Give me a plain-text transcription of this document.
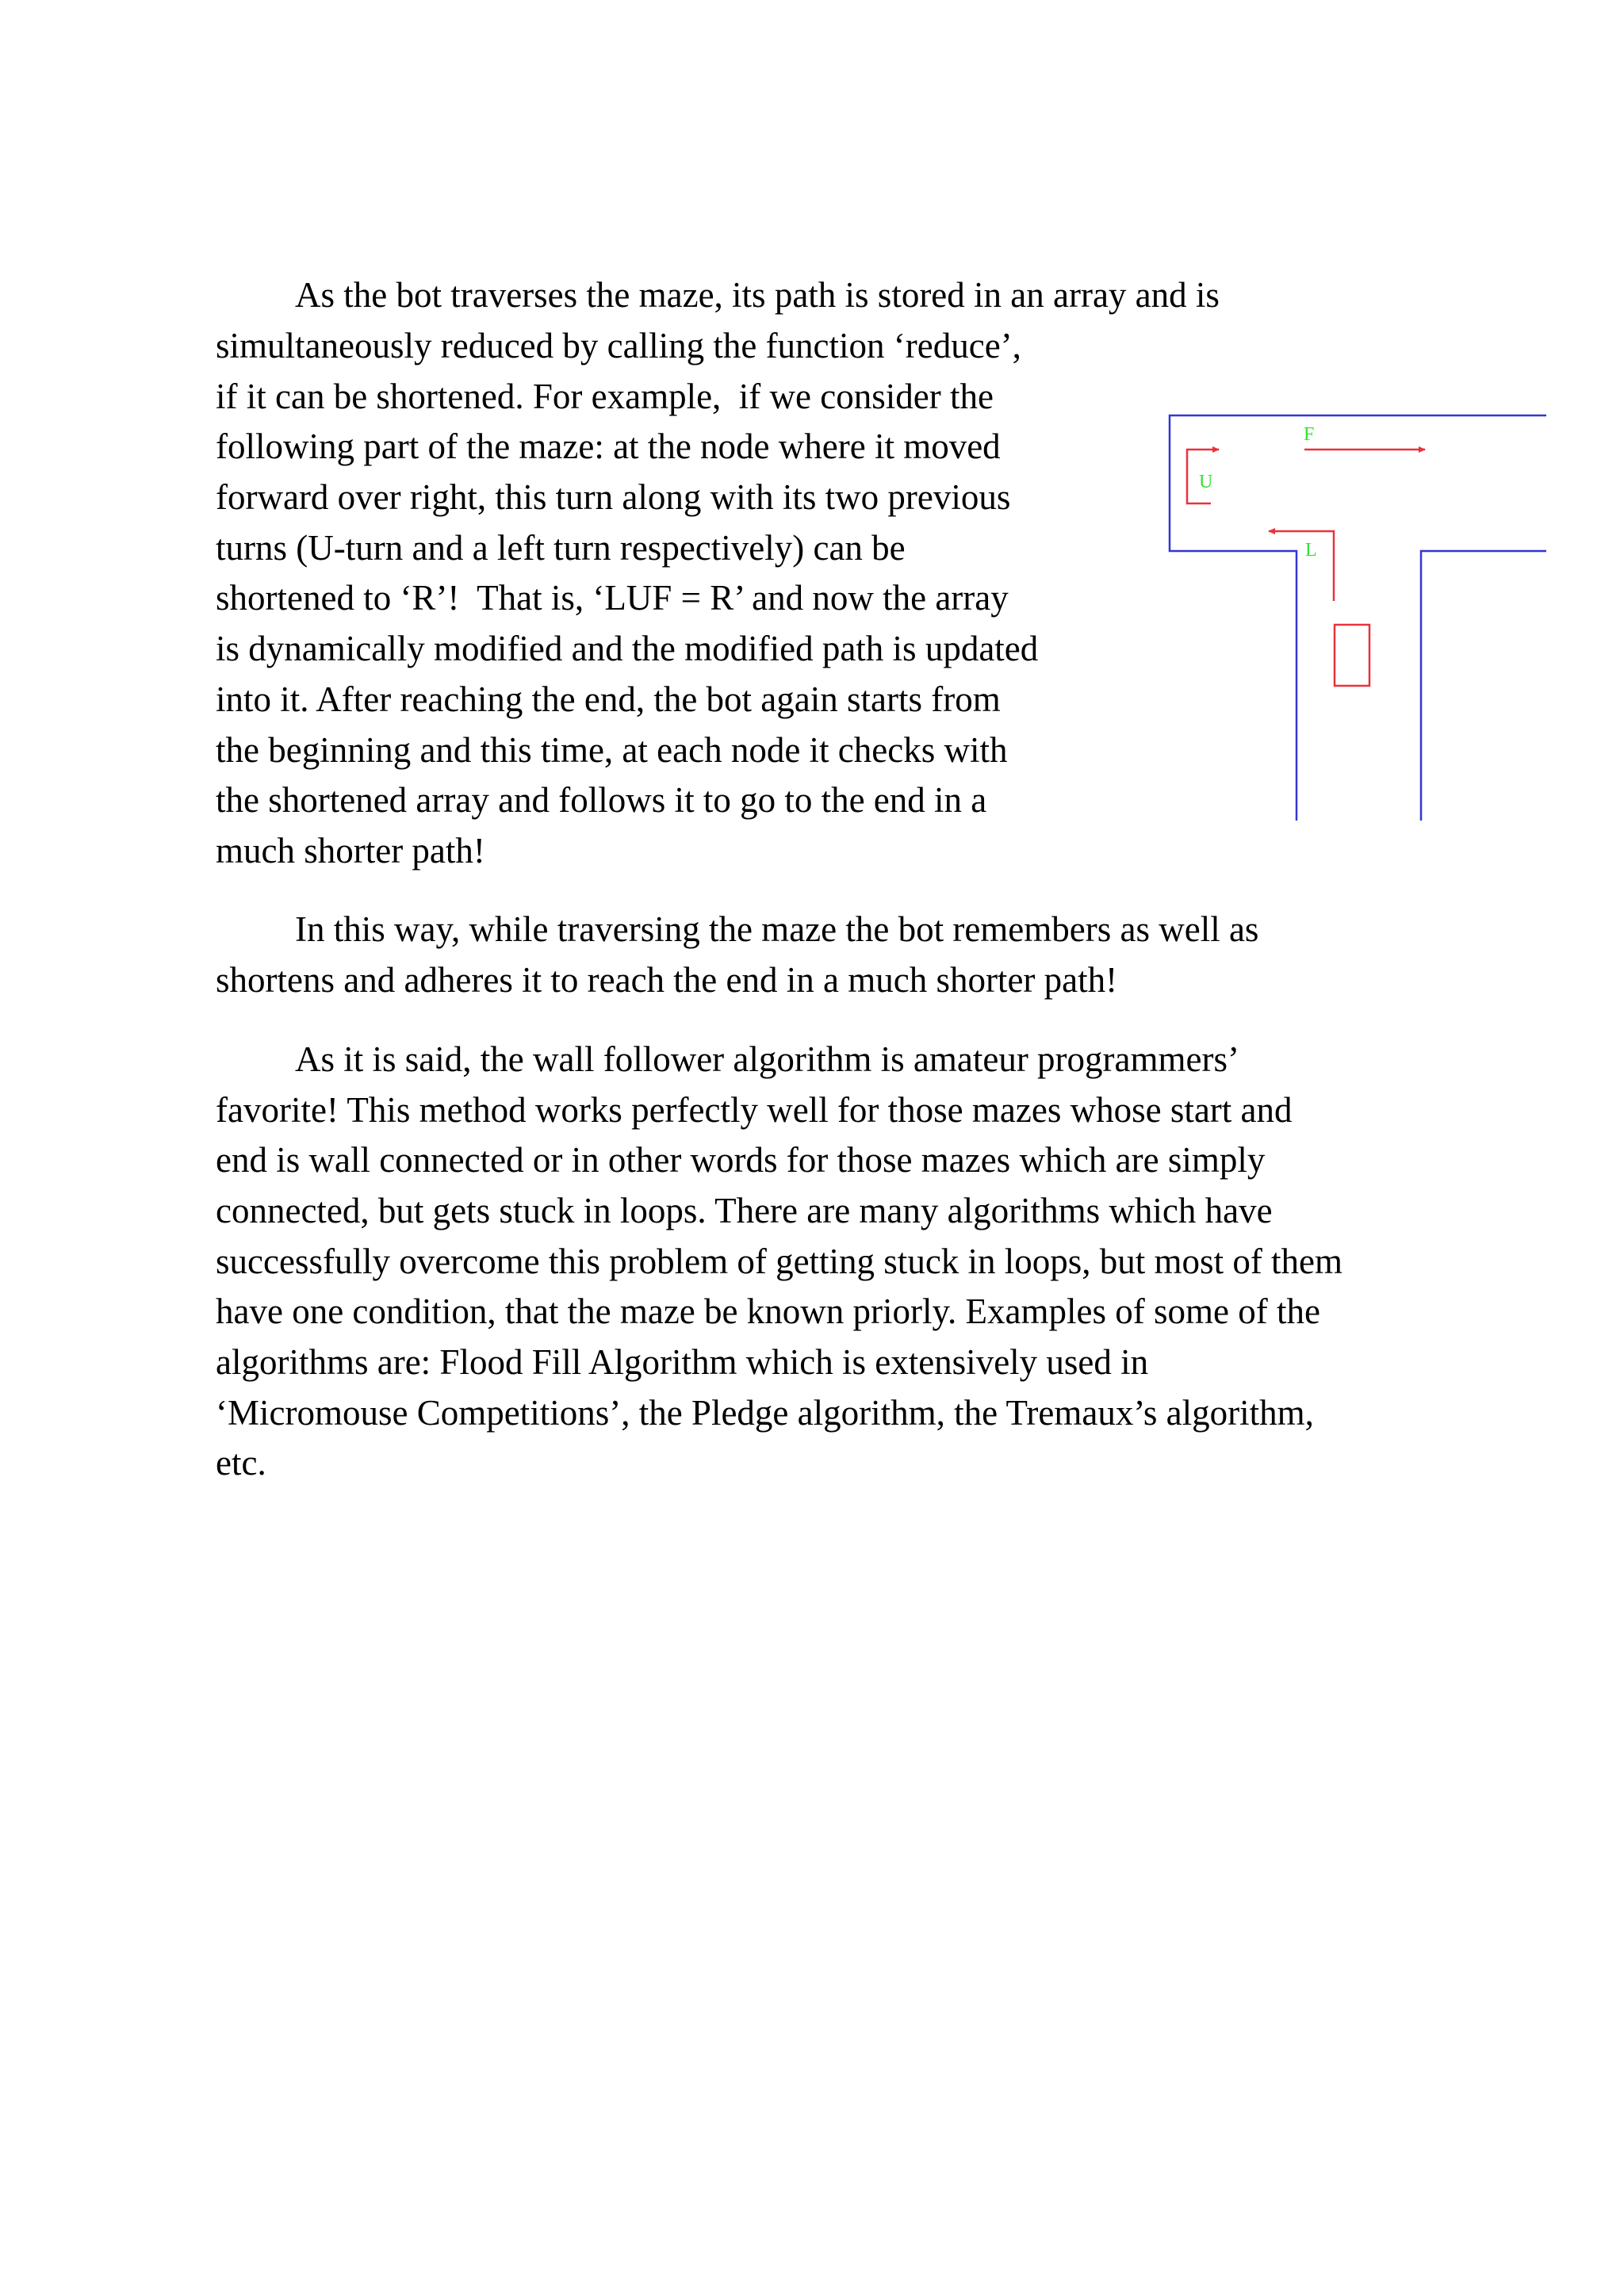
As the bot traverses the maze, its path is stored in an array and is

simultaneously reduced by calling the function ‘reduce’,

if it can be shortened. For example,  if we consider the

following part of the maze: at the node where it moved

forward over right, this turn along with its two previous

turns (U-turn and a left turn respectively) can be

shortened to ‘R’!  That is, ‘LUF = R’ and now the array

is dynamically modified and the modified path is updated

into it. After reaching the end, the bot again starts from

the beginning and this time, at each node it checks with

the shortened array and follows it to go to the end in a

much shorter path!

In this way, while traversing the maze the bot remembers as well as

shortens and adheres it to reach the end in a much shorter path!

As it is said, the wall follower algorithm is amateur programmers’

favorite! This method works perfectly well for those mazes whose start and

end is wall connected or in other words for those mazes which are simply

connected, but gets stuck in loops. There are many algorithms which have

successfully overcome this problem of getting stuck in loops, but most of them

have one condition, that the maze be known priorly. Examples of some of the

algorithms are: Flood Fill Algorithm which is extensively used in

‘Micromouse Competitions’, the Pledge algorithm, the Tremaux’s algorithm,

etc.

F
U
L
